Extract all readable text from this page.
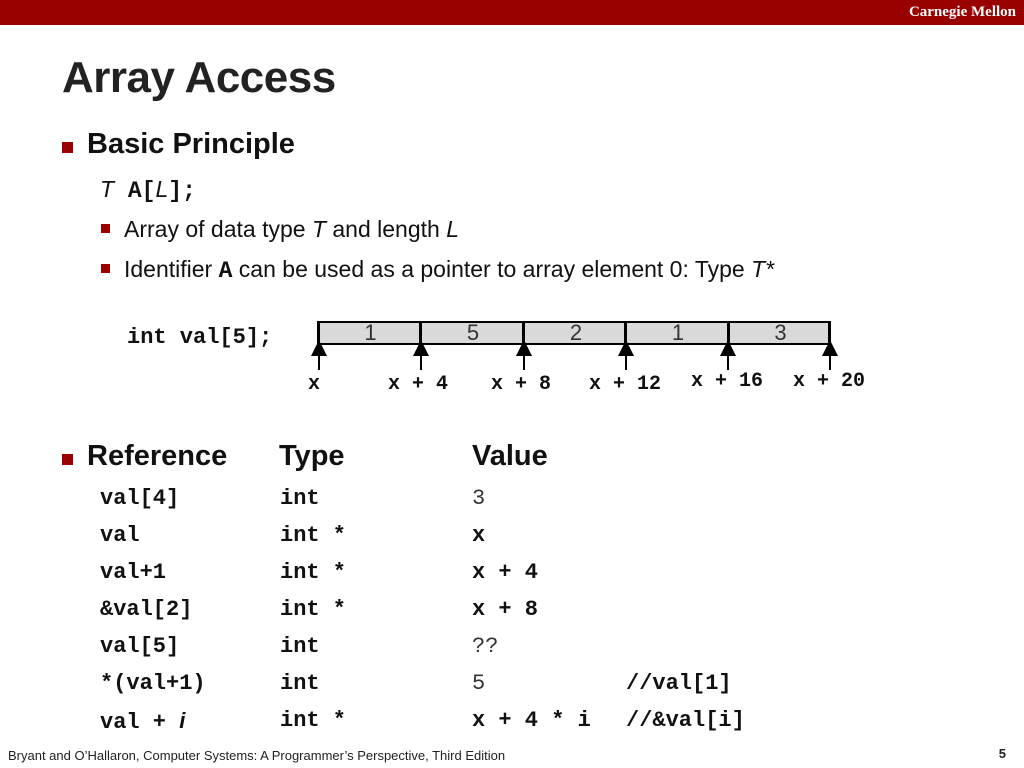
Carnegie Mellon
Array Access
Basic Principle
T A[L];
Array of data type T and length L
Identifier A can be used as a pointer to array element 0: Type T*
int val[5];	1	5	2	1	3
x	x + 4 x + 8 x + 12 x + 16 x + 20
Reference Type	Value
val[4]	int	3
val	int *	x
val+1	int *	x + 4
&val[2]	int *	x + 8
val[5]	int	??
*(val+1)	int	5	//val[1]
val + i	int *	x + 4 * i //&val[i]
Bryant and O’Hallaron, Computer Systems: A Programmer’s Perspective, Third Edition	5
